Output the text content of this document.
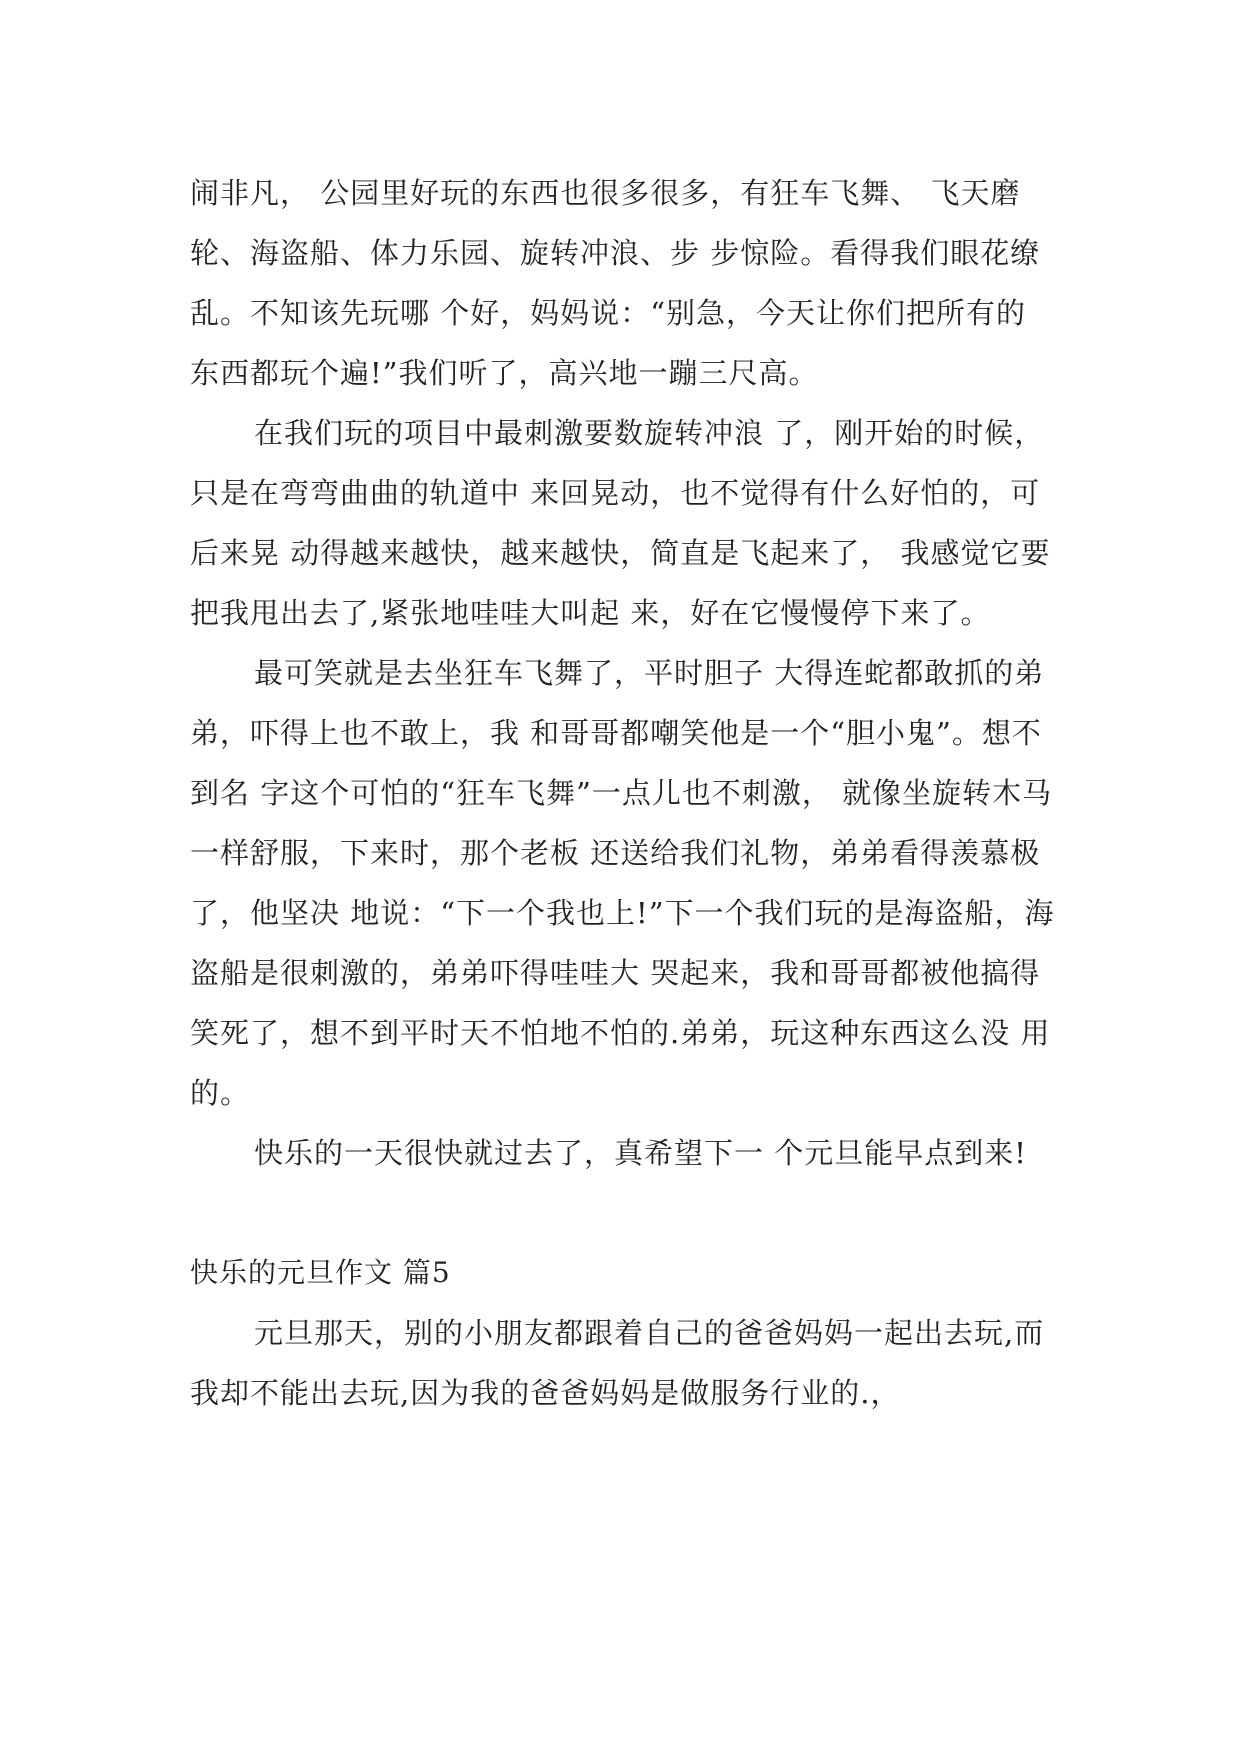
闹非凡， 公园里好玩的东西也很多很多，有狂车飞舞、 飞天磨轮、海盗船、体力乐园、旋转冲浪、步 步惊险。看得我们眼花缭乱。不知该先玩哪 个好，妈妈说：“别急，今天让你们把所有的 东西都玩个遍!”我们听了，高兴地一蹦三尺高。

在我们玩的项目中最刺激要数旋转冲浪 了，刚开始的时候，只是在弯弯曲曲的轨道中 来回晃动，也不觉得有什么好怕的，可后来晃 动得越来越快，越来越快，简直是飞起来了， 我感觉它要把我甩出去了,紧张地哇哇大叫起 来，好在它慢慢停下来了。

最可笑就是去坐狂车飞舞了，平时胆子 大得连蛇都敢抓的弟弟，吓得上也不敢上，我 和哥哥都嘲笑他是一个“胆小鬼”。想不到名 字这个可怕的“狂车飞舞”一点儿也不刺激， 就像坐旋转木马一样舒服，下来时，那个老板 还送给我们礼物，弟弟看得羡慕极了，他坚决 地说：“下一个我也上!”下一个我们玩的是海盗船，海盗船是很刺激的，弟弟吓得哇哇大 哭起来，我和哥哥都被他搞得笑死了，想不到平时天不怕地不怕的.弟弟，玩这种东西这么没 用的。

快乐的一天很快就过去了，真希望下一 个元旦能早点到来!

快乐的元旦作文 篇5

元旦那天，别的小朋友都跟着自己的爸爸妈妈一起出去玩,而我却不能出去玩,因为我的爸爸妈妈是做服务行业的.，
